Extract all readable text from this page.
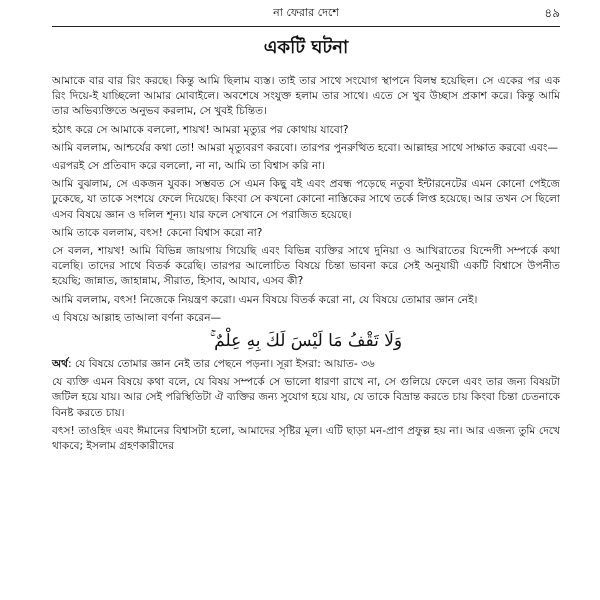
না ফেরার দেশে	৪৯
একটি ঘটনা

আমাকে বার বার রিং করছে। কিন্তু আমি ছিলাম ব্যস্ত। তাই তার সাথে সংযোগ স্থাপনে বিলম্ব হয়েছিল। সে একের পর এক রিং দিয়ে-ই যাচ্ছিলো আমার মোবাইলে। অবশেষে সংযুক্ত হলাম তার সাথে। এতে সে খুব উচ্ছাস প্রকাশ করে। কিন্তু আমি তার অভিব্যক্তিতে অনুভব করলাম, সে খুবই চিন্তিত।

হঠাৎ করে সে আমাকে বললো, শায়খ! আমরা মৃত্যুর পর কোথায় যাবো?

আমি বললাম, আশ্চর্যের কথা তো! আমরা মৃত্যুবরণ করবো। তারপর পুনরুত্থিত হবো। আল্লাহর সাথে সাক্ষাত করবো এবং—

এরপরই সে প্রতিবাদ করে বললো, না না, আমি তা বিশ্বাস করি না।

আমি বুঝলাম, সে একজন যুবক। সম্ভবত সে এমন কিছু বই এবং প্রবন্ধ পড়েছে নতুবা ইন্টারনেটের এমন কোনো পেইজে ঢুকেছে, যা তাকে সংশয়ে ফেলে দিয়েছে। কিংবা সে কখনো কোনো নাস্তিকের সাথে তর্কে লিপ্ত হয়েছে। আর তখন সে ছিলো এসব বিষয়ে জ্ঞান ও দলিল শূন্য। যার ফলে সেখানে সে পরাজিত হয়েছে।

আমি তাকে বললাম, বৎস! কেনো বিশ্বাস করো না?

সে বলল, শায়খ! আমি বিভিন্ন জায়গায় গিয়েছি এবং বিভিন্ন ব্যক্তির সাথে দুনিয়া ও আখিরাতের যিন্দেগী সম্পর্কে কথা বলেছি। তাদের সাথে বিতর্ক করেছি। তারপর আলোচিত বিষয়ে চিন্তা ভাবনা করে সেই অনুযায়ী একটি বিশ্বাসে উপনীত হয়েছি; জান্নাত, জাহান্নাম, সীরাত, হিসাব, আযাব, এসব কী?

আমি বললাম, বৎস! নিজেকে নিয়ন্ত্রণ করো। এমন বিষয়ে বিতর্ক করো না, যে বিষয়ে তোমার জ্ঞান নেই।

এ বিষয়ে আল্লাহ তাআলা বর্ণনা করেন—

وَلَا تَقْفُ مَا لَيْسَ لَكَ بِهِ عِلْمٌ ۚ

অর্থ: যে বিষয়ে তোমার জ্ঞান নেই তার পেছনে পড়না। সূরা ইসরা: আয়াত- ৩৬

যে ব্যক্তি এমন বিষয়ে কথা বলে, যে বিষয় সম্পর্কে সে ভালো ধারণা রাখে না, সে গুলিয়ে ফেলে এবং তার জন্য বিষয়টা জটিল হয়ে যায়। আর সেই পরিস্থিতিটা ঐ ব্যক্তির জন্য সুযোগ হয়ে যায়, যে তাকে বিভ্রান্ত করতে চায় কিংবা চিন্তা চেতনাকে বিনষ্ট করতে চায়।

বৎস! তাওহিদ এবং ঈমানের বিশ্বাসটা হলো, আমাদের সৃষ্টির মূল। এটি ছাড়া মন-প্রাণ প্রফুল্ল হয় না। আর এজন্য তুমি দেখে থাকবে; ইসলাম গ্রহণকারীদের
